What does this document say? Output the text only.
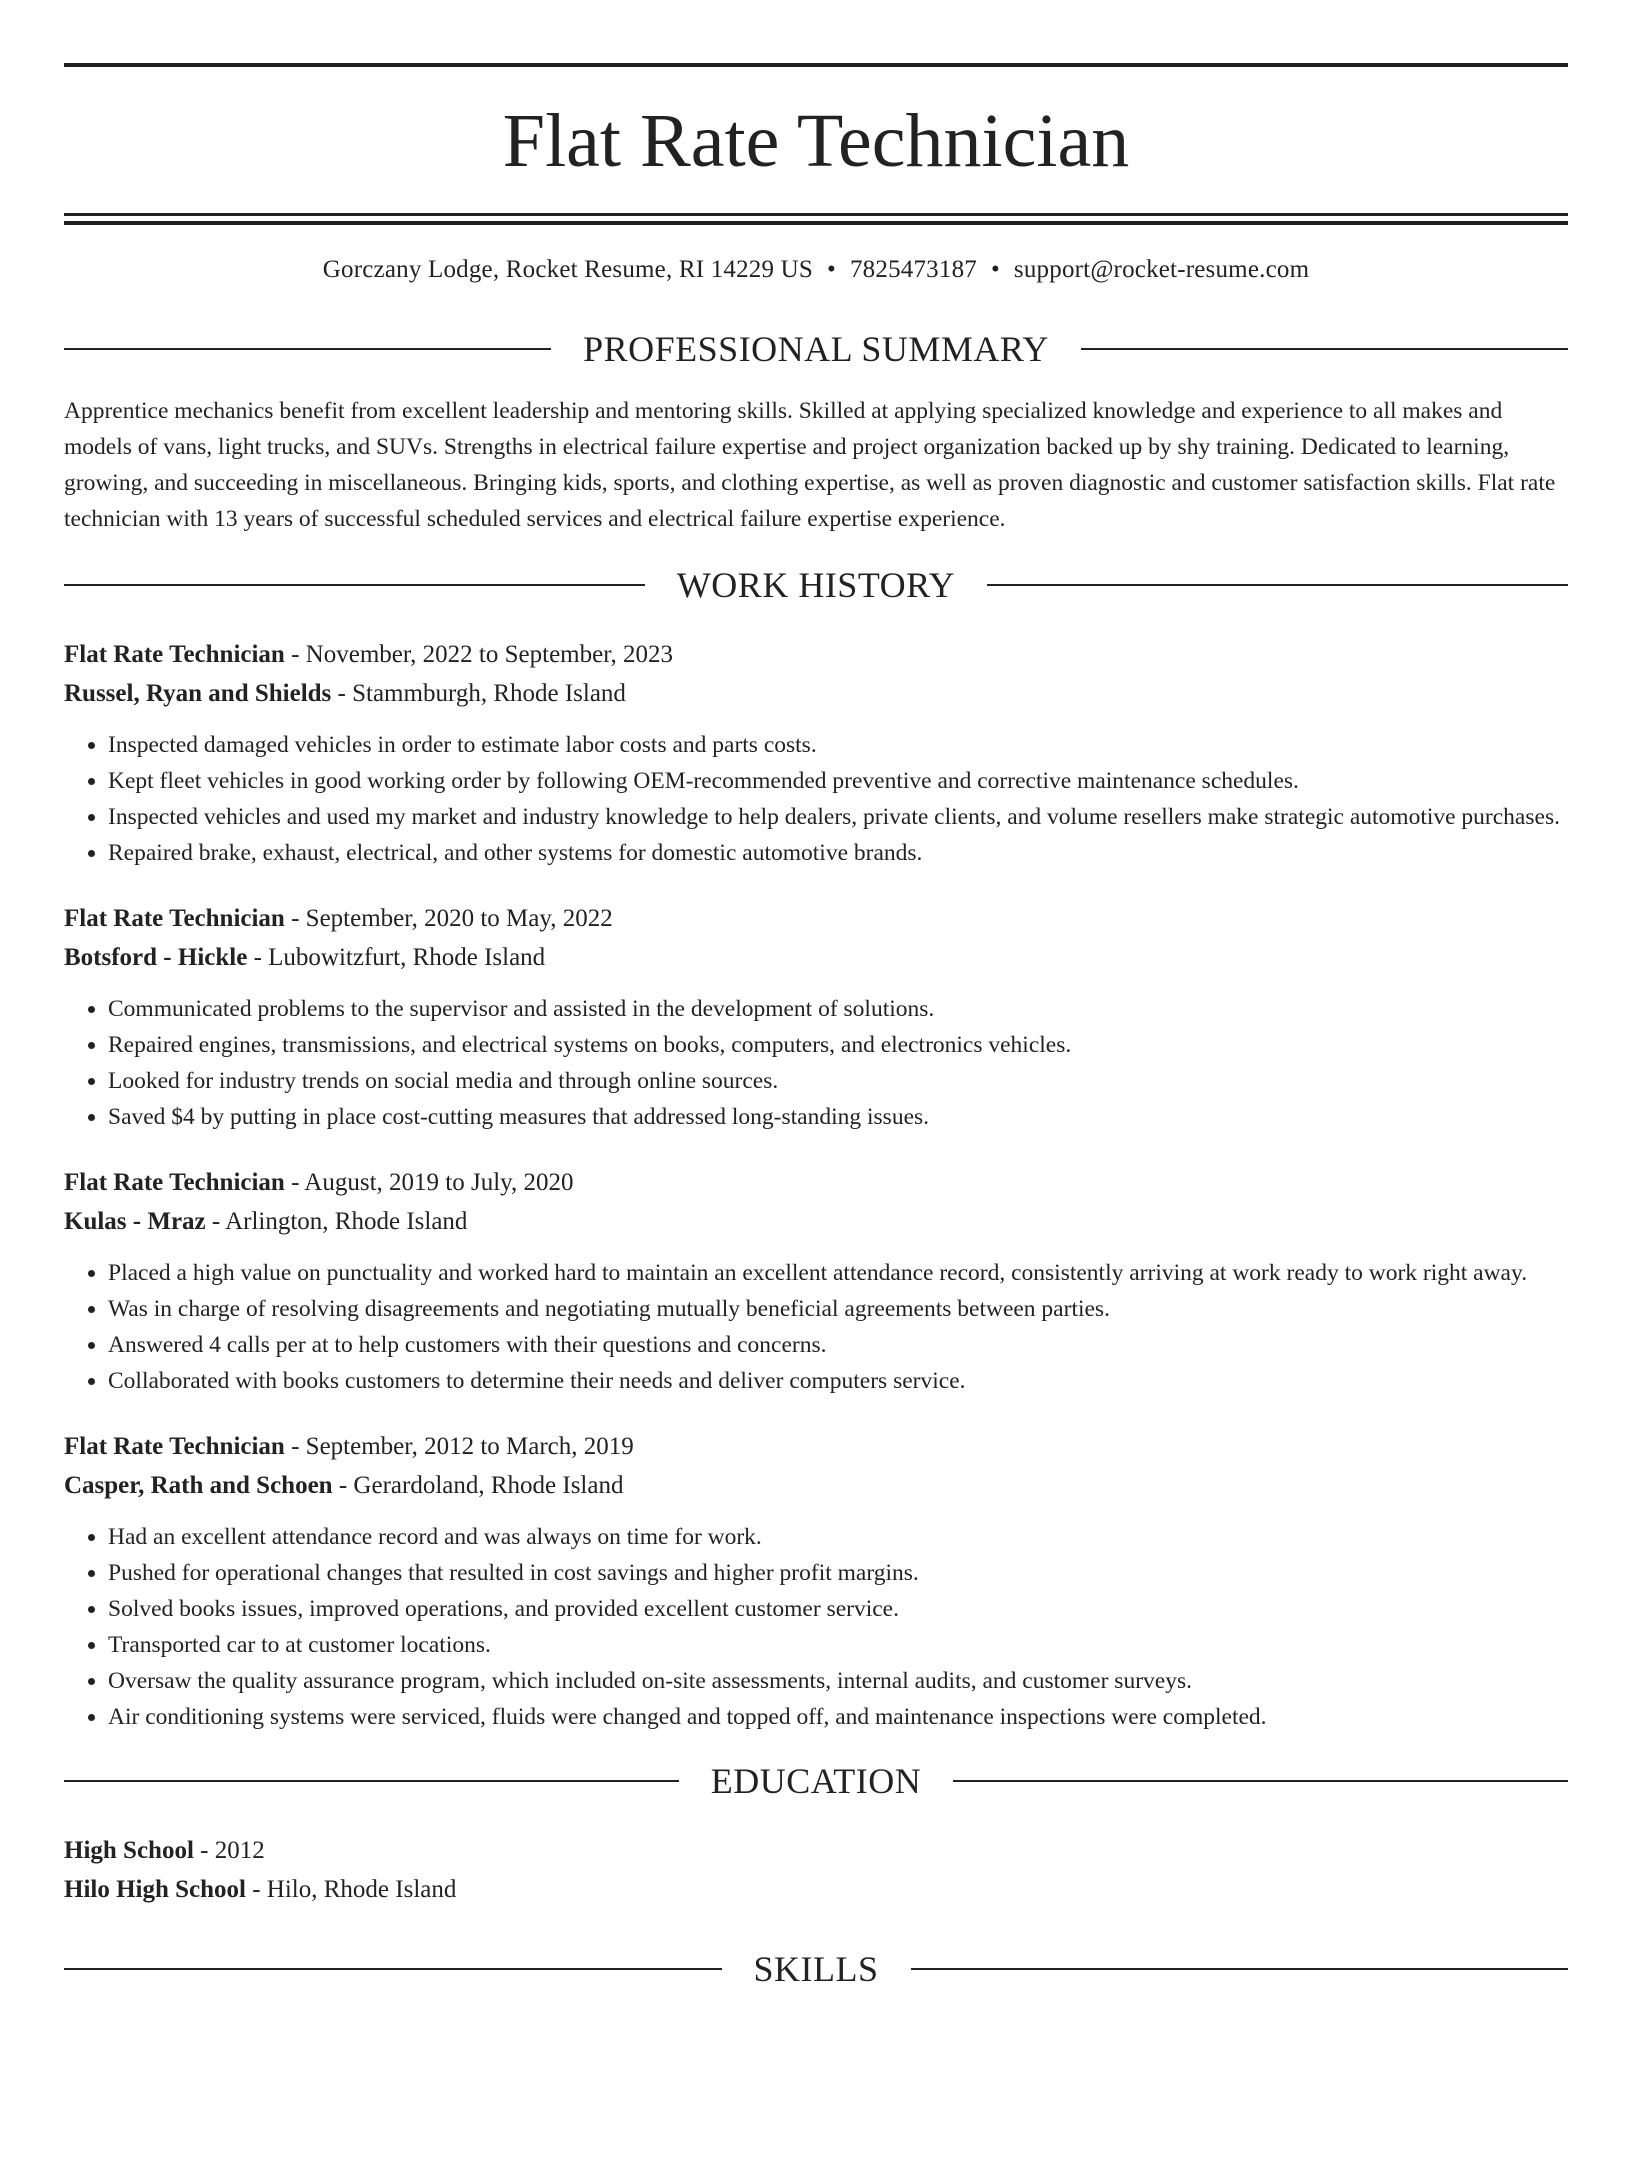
Flat Rate Technician
Gorczany Lodge, Rocket Resume, RI 14229 US • 7825473187 • support@rocket-resume.com
PROFESSIONAL SUMMARY
Apprentice mechanics benefit from excellent leadership and mentoring skills. Skilled at applying specialized knowledge and experience to all makes and models of vans, light trucks, and SUVs. Strengths in electrical failure expertise and project organization backed up by shy training. Dedicated to learning, growing, and succeeding in miscellaneous. Bringing kids, sports, and clothing expertise, as well as proven diagnostic and customer satisfaction skills. Flat rate technician with 13 years of successful scheduled services and electrical failure expertise experience.
WORK HISTORY
Flat Rate Technician - November, 2022 to September, 2023
Russel, Ryan and Shields - Stammburgh, Rhode Island
• Inspected damaged vehicles in order to estimate labor costs and parts costs.
• Kept fleet vehicles in good working order by following OEM-recommended preventive and corrective maintenance schedules.
• Inspected vehicles and used my market and industry knowledge to help dealers, private clients, and volume resellers make strategic automotive purchases.
• Repaired brake, exhaust, electrical, and other systems for domestic automotive brands.
Flat Rate Technician - September, 2020 to May, 2022
Botsford - Hickle - Lubowitzfurt, Rhode Island
• Communicated problems to the supervisor and assisted in the development of solutions.
• Repaired engines, transmissions, and electrical systems on books, computers, and electronics vehicles.
• Looked for industry trends on social media and through online sources.
• Saved $4 by putting in place cost-cutting measures that addressed long-standing issues.
Flat Rate Technician - August, 2019 to July, 2020
Kulas - Mraz - Arlington, Rhode Island
• Placed a high value on punctuality and worked hard to maintain an excellent attendance record, consistently arriving at work ready to work right away.
• Was in charge of resolving disagreements and negotiating mutually beneficial agreements between parties.
• Answered 4 calls per at to help customers with their questions and concerns.
• Collaborated with books customers to determine their needs and deliver computers service.
Flat Rate Technician - September, 2012 to March, 2019
Casper, Rath and Schoen - Gerardoland, Rhode Island
• Had an excellent attendance record and was always on time for work.
• Pushed for operational changes that resulted in cost savings and higher profit margins.
• Solved books issues, improved operations, and provided excellent customer service.
• Transported car to at customer locations.
• Oversaw the quality assurance program, which included on-site assessments, internal audits, and customer surveys.
• Air conditioning systems were serviced, fluids were changed and topped off, and maintenance inspections were completed.
EDUCATION
High School - 2012
Hilo High School - Hilo, Rhode Island
SKILLS
